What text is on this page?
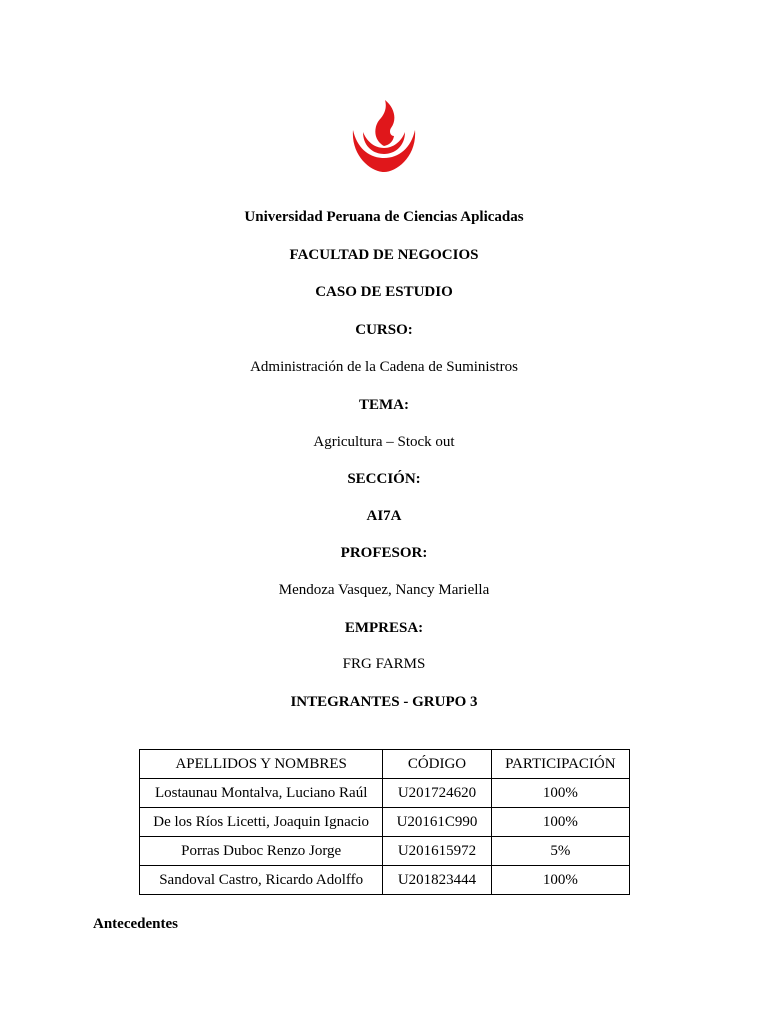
Universidad Peruana de Ciencias Aplicadas
FACULTAD DE NEGOCIOS
CASO DE ESTUDIO
CURSO:
Administración de la Cadena de Suministros
TEMA:
Agricultura – Stock out
SECCIÓN:
AI7A
PROFESOR:
Mendoza Vasquez, Nancy Mariella
EMPRESA:
FRG FARMS
INTEGRANTES - GRUPO 3
APELLIDOS Y NOMBRES	CÓDIGO	PARTICIPACIÓN
Lostaunau Montalva, Luciano Raúl	U201724620	100%
De los Ríos Licetti, Joaquin Ignacio	U20161C990	100%
Porras Duboc Renzo Jorge	U201615972	5%
Sandoval Castro, Ricardo Adolffo	U201823444	100%
Antecedentes
